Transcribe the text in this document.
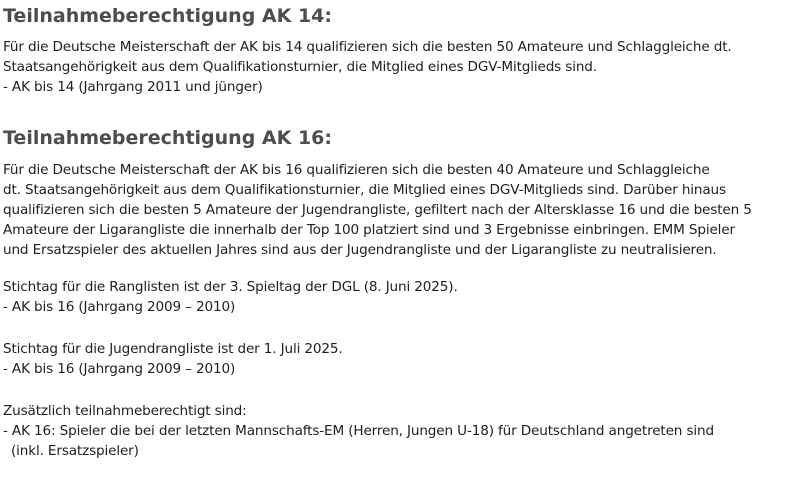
Teilnahmeberechtigung AK 14:

Für die Deutsche Meisterschaft der AK bis 14 qualifizieren sich die besten 50 Amateure und Schlaggleiche dt.
Staatsangehörigkeit aus dem Qualifikationsturnier, die Mitglied eines DGV-Mitglieds sind.
- AK bis 14 (Jahrgang 2011 und jünger)

Teilnahmeberechtigung AK 16:

Für die Deutsche Meisterschaft der AK bis 16 qualifizieren sich die besten 40 Amateure und Schlaggleiche
dt. Staatsangehörigkeit aus dem Qualifikationsturnier, die Mitglied eines DGV-Mitglieds sind. Darüber hinaus
qualifizieren sich die besten 5 Amateure der Jugendrangliste, gefiltert nach der Altersklasse 16 und die besten 5
Amateure der Ligarangliste die innerhalb der Top 100 platziert sind und 3 Ergebnisse einbringen. EMM Spieler
und Ersatzspieler des aktuellen Jahres sind aus der Jugendrangliste und der Ligarangliste zu neutralisieren.

Stichtag für die Ranglisten ist der 3. Spieltag der DGL (8. Juni 2025).
- AK bis 16 (Jahrgang 2009 – 2010)

Stichtag für die Jugendrangliste ist der 1. Juli 2025.
- AK bis 16 (Jahrgang 2009 – 2010)

Zusätzlich teilnahmeberechtigt sind:
- AK 16: Spieler die bei der letzten Mannschafts-EM (Herren, Jungen U-18) für Deutschland angetreten sind
(inkl. Ersatzspieler)
